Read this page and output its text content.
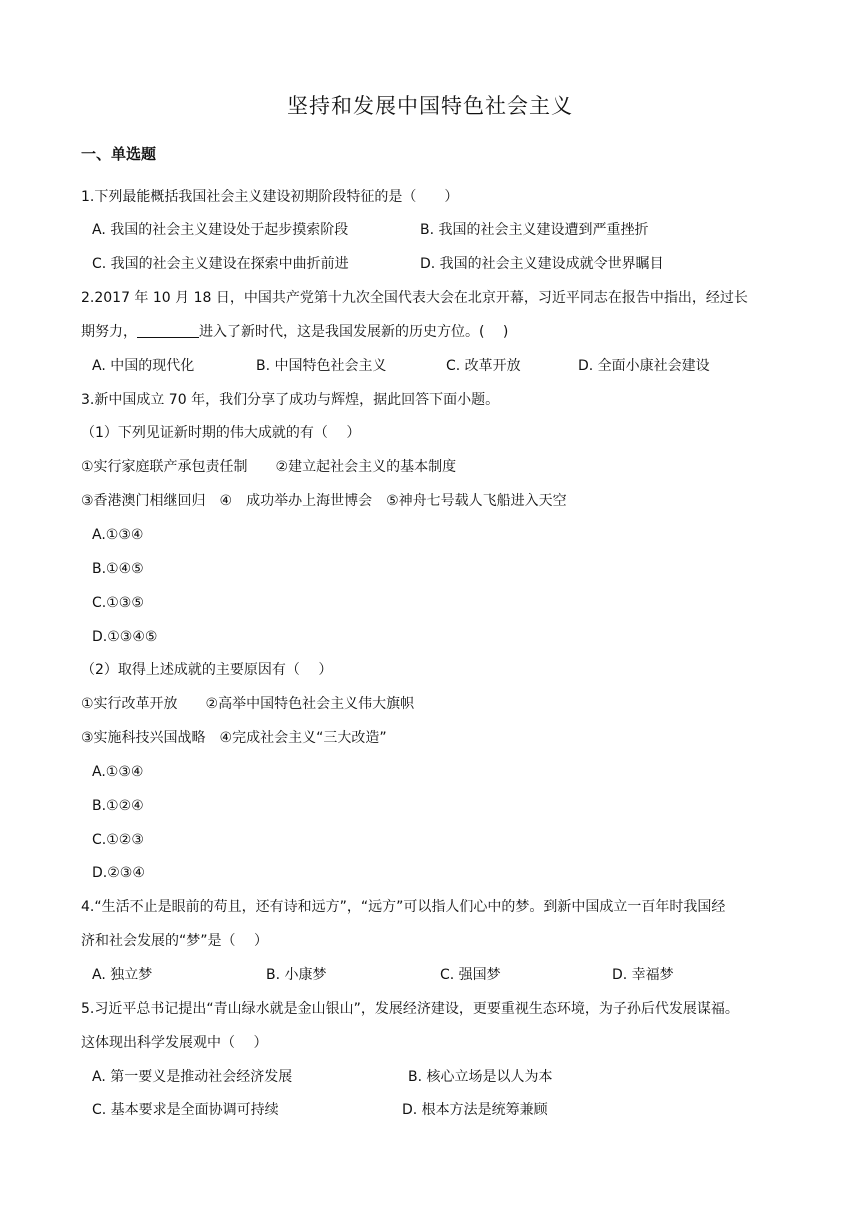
坚持和发展中国特色社会主义
一、单选题
1.下列最能概括我国社会主义建设初期阶段特征的是（　　）
A. 我国的社会主义建设处于起步摸索阶段	B. 我国的社会主义建设遭到严重挫折
C. 我国的社会主义建设在探索中曲折前进	D. 我国的社会主义建设成就令世界瞩目
2.2017 年 10 月 18 日，中国共产党第十九次全国代表大会在北京开幕，习近平同志在报告中指出，经过长
期努力，	进入了新时代，这是我国发展新的历史方位。(　 )
A. 中国的现代化	B. 中国特色社会主义	C. 改革开放	D. 全面小康社会建设
3.新中国成立 70 年，我们分享了成功与辉煌，据此回答下面小题。
（1）下列见证新时期的伟大成就的有（　 ）
①实行家庭联产承包责任制　　②建立起社会主义的基本制度
③香港澳门相继回归　④　成功举办上海世博会　⑤神舟七号载人飞船进入天空
A.①③④
B.①④⑤
C.①③⑤
D.①③④⑤
（2）取得上述成就的主要原因有（　 ）
①实行改革开放　　②高举中国特色社会主义伟大旗帜
③实施科技兴国战略　④完成社会主义“三大改造”
A.①③④
B.①②④
C.①②③
D.②③④
4.“生活不止是眼前的苟且，还有诗和远方”，“远方”可以指人们心中的梦。到新中国成立一百年时我国经
济和社会发展的“梦”是（　 ）
A. 独立梦	B. 小康梦	C. 强国梦	D. 幸福梦
5.习近平总书记提出“青山绿水就是金山银山”，发展经济建设，更要重视生态环境，为子孙后代发展谋福。
这体现出科学发展观中（　 ）
A. 第一要义是推动社会经济发展	B. 核心立场是以人为本
C. 基本要求是全面协调可持续	D. 根本方法是统筹兼顾
